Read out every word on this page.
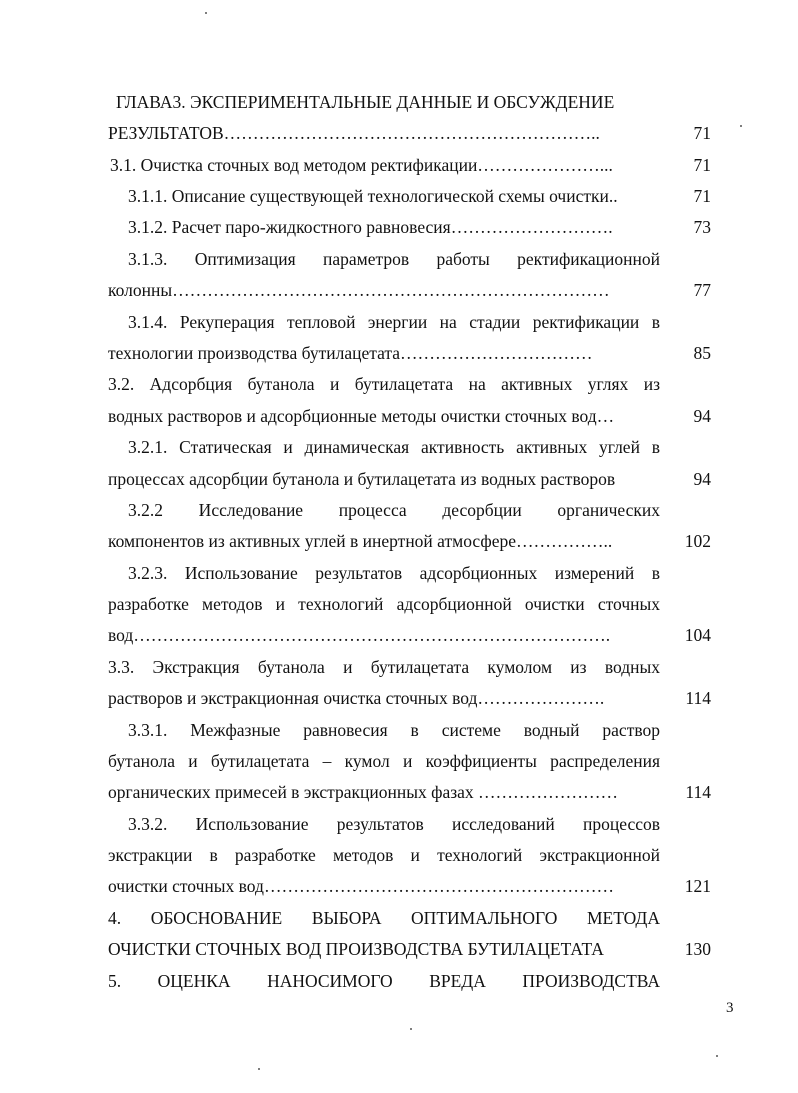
ГЛАВА3. ЭКСПЕРИМЕНТАЛЬНЫЕ ДАННЫЕ И ОБСУЖДЕНИЕ
РЕЗУЛЬТАТОВ………………………………………………………..	71
3.1. Очистка сточных вод методом ректификации…………………...	71
3.1.1. Описание существующей технологической схемы очистки..	71
3.1.2. Расчет паро-жидкостного равновесия……………………….	73
3.1.3. Оптимизация параметров работы ректификационной
колонны…………………………………………………………………	77
3.1.4. Рекуперация тепловой энергии на стадии ректификации в
технологии производства бутилацетата……………………………	85
3.2. Адсорбция бутанола и бутилацетата на активных углях из
водных растворов и адсорбционные методы очистки сточных вод…	94
3.2.1. Статическая и динамическая активность активных углей в
процессах адсорбции бутанола и бутилацетата из водных растворов	94
3.2.2 Исследование процесса десорбции органических
компонентов из активных углей в инертной атмосфере……………..	102
3.2.3. Использование результатов адсорбционных измерений в
разработке методов и технологий адсорбционной очистки сточных
вод……………………………………………………………………….	104
3.3. Экстракция бутанола и бутилацетата кумолом из водных
растворов и экстракционная очистка сточных вод………………….	114
3.3.1. Межфазные равновесия в системе водный раствор
бутанола и бутилацетата – кумол и коэффициенты распределения
органических примесей в экстракционных фазах ……………………	114
3.3.2. Использование результатов исследований процессов
экстракции в разработке методов и технологий экстракционной
очистки сточных вод……………………………………………………	121
4. ОБОСНОВАНИЕ ВЫБОРА ОПТИМАЛЬНОГО МЕТОДА
ОЧИСТКИ СТОЧНЫХ ВОД ПРОИЗВОДСТВА БУТИЛАЦЕТАТА	130
5. ОЦЕНКА НАНОСИМОГО ВРЕДА ПРОИЗВОДСТВА
3
